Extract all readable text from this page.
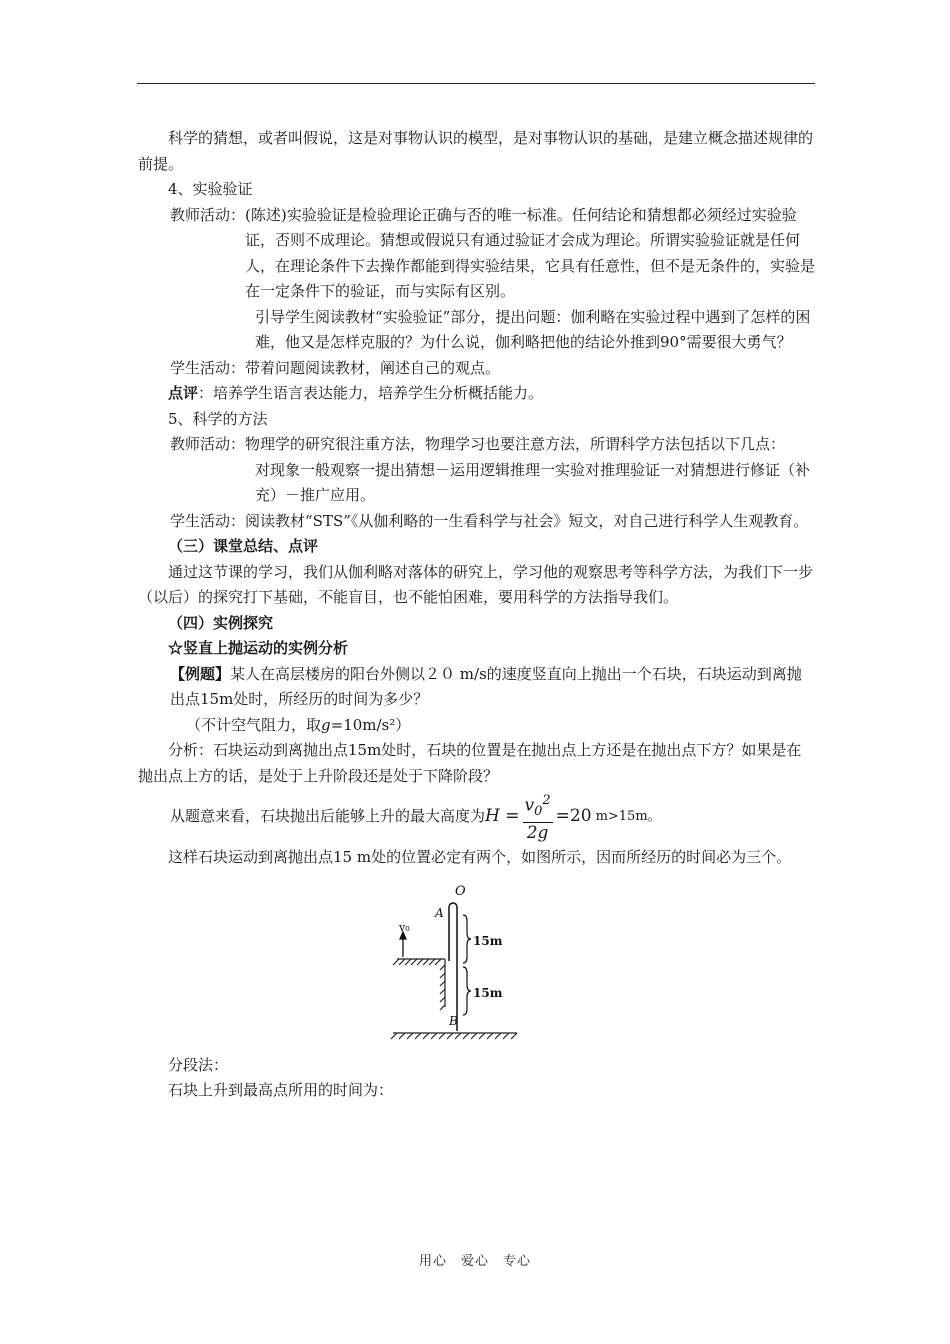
科学的猜想，或者叫假说，这是对事物认识的模型，是对事物认识的基础，是建立概念描述规律的前提。

4、实验验证

教师活动： (陈述)实验验证是检验理论正确与否的唯一标准。任何结论和猜想都必须经过实验验证，否则不成理论。猜想或假说只有通过验证才会成为理论。所谓实验验证就是任何人，在理论条件下去操作都能到得实验结果，它具有任意性，但不是无条件的，实验是在一定条件下的验证，而与实际有区别。

引导学生阅读教材“实验验证”部分，提出问题：伽利略在实验过程中遇到了怎样的困难，他又是怎样克服的？为什么说，伽利略把他的结论外推到90°需要很大勇气？

学生活动： 带着问题阅读教材，阐述自己的观点。

点评：培养学生语言表达能力，培养学生分析概括能力。

5、科学的方法

教师活动： 物理学的研究很注重方法，物理学习也要注意方法，所谓科学方法包括以下几点：

对现象一般观察一提出猜想－运用逻辑推理一实验对推理验证一对猜想进行修证（补充）－推广应用。

学生活动： 阅读教材“STS”《从伽利略的一生看科学与社会》短文，对自己进行科学人生观教育。

（三）课堂总结、点评

通过这节课的学习，我们从伽利略对落体的研究上，学习他的观察思考等科学方法，为我们下一步（以后）的探究打下基础，不能盲目，也不能怕困难，要用科学的方法指导我们。

（四）实例探究

☆竖直上抛运动的实例分析

【例题】某人在高层楼房的阳台外侧以２０ m/s的速度竖直向上抛出一个石块，石块运动到离抛出点15m处时，所经历的时间为多少？

（不计空气阻力，取g=10m/s²）

分析：石块运动到离抛出点15m处时，石块的位置是在抛出点上方还是在抛出点下方？如果是在抛出点上方的话，是处于上升阶段还是处于下降阶段？

从题意来看，石块抛出后能够上升的最大高度为 $H = \frac{v_0^2}{2g} =20$ m>15m。

这样石块运动到离抛出点15 m处的位置必定有两个，如图所示，因而所经历的时间必为三个。

O
A
B
v₀
15m
15m

分段法：

石块上升到最高点所用的时间为：

用心　爱心　专心
